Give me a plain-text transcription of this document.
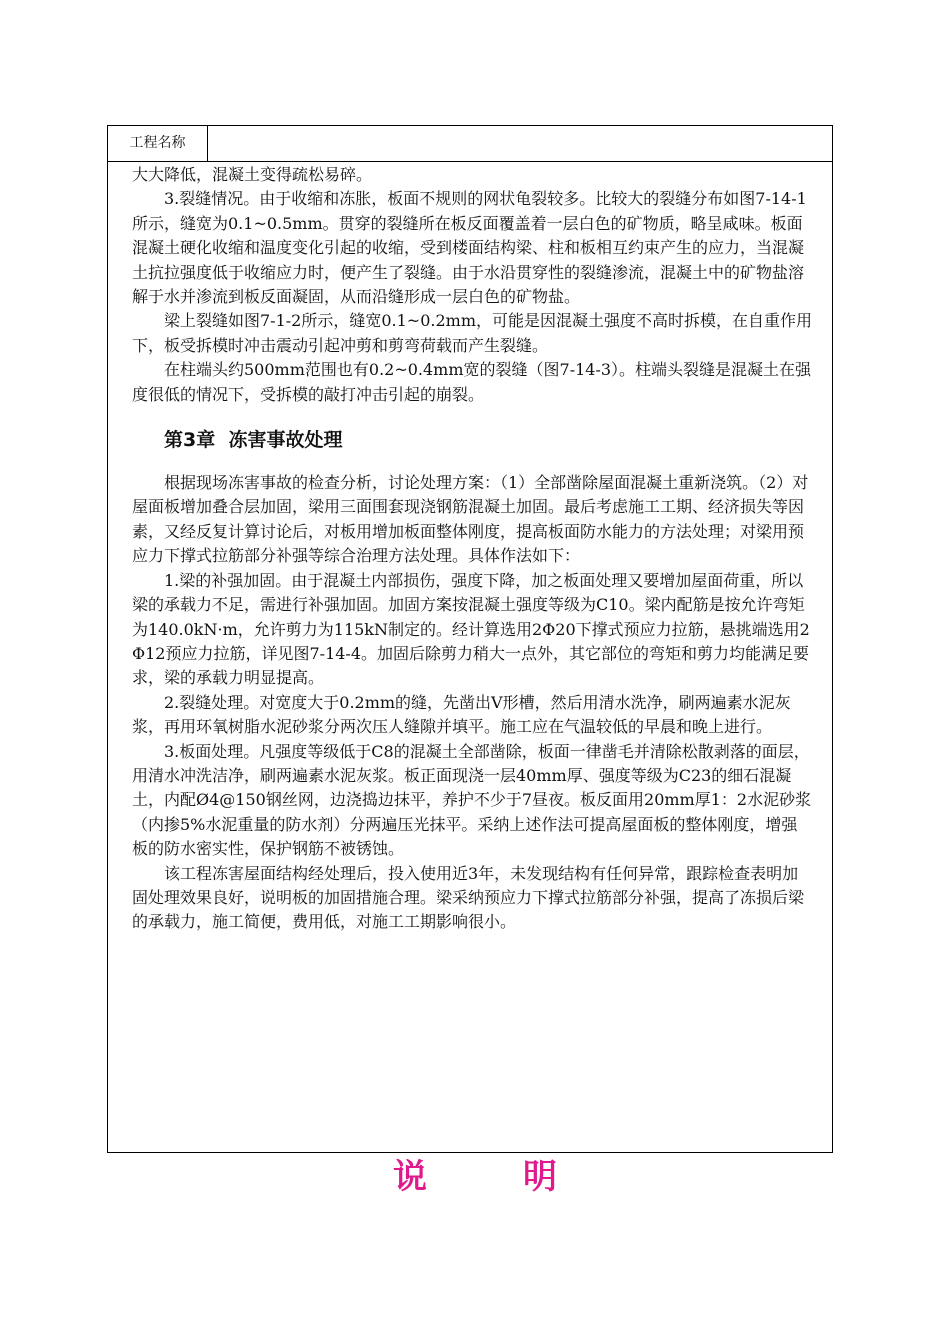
工程名称

大大降低，混凝土变得疏松易碎。

3.裂缝情况。由于收缩和冻胀，板面不规则的网状龟裂较多。比较大的裂缝分布如图7-14-1所示，缝宽为0.1~0.5mm。贯穿的裂缝所在板反面覆盖着一层白色的矿物质，略呈咸味。板面混凝土硬化收缩和温度变化引起的收缩，受到楼面结构梁、柱和板相互约束产生的应力，当混凝土抗拉强度低于收缩应力时，便产生了裂缝。由于水沿贯穿性的裂缝渗流，混凝土中的矿物盐溶解于水并渗流到板反面凝固，从而沿缝形成一层白色的矿物盐。

梁上裂缝如图7-1-2所示，缝宽0.1~0.2mm，可能是因混凝土强度不高时拆模，在自重作用下，板受拆模时冲击震动引起冲剪和剪弯荷载而产生裂缝。

在柱端头约500mm范围也有0.2~0.4mm宽的裂缝（图7-14-3）。柱端头裂缝是混凝土在强度很低的情况下，受拆模的敲打冲击引起的崩裂。

第3章  冻害事故处理

根据现场冻害事故的检查分析，讨论处理方案：（1）全部凿除屋面混凝土重新浇筑。（2）对屋面板增加叠合层加固，梁用三面围套现浇钢筋混凝土加固。最后考虑施工工期、经济损失等因素，又经反复计算讨论后，对板用增加板面整体刚度，提高板面防水能力的方法处理；对梁用预应力下撑式拉筋部分补强等综合治理方法处理。具体作法如下：

1.梁的补强加固。由于混凝土内部损伤，强度下降，加之板面处理又要增加屋面荷重，所以梁的承载力不足，需进行补强加固。加固方案按混凝土强度等级为C10。梁内配筋是按允许弯矩为140.0kN·m，允许剪力为115kN制定的。经计算选用2Φ20下撑式预应力拉筋，悬挑端选用2Φ12预应力拉筋，详见图7-14-4。加固后除剪力稍大一点外，其它部位的弯矩和剪力均能满足要求，梁的承载力明显提高。

2.裂缝处理。对宽度大于0.2mm的缝，先凿出V形槽，然后用清水洗净，刷两遍素水泥灰浆，再用环氧树脂水泥砂浆分两次压人缝隙并填平。施工应在气温较低的早晨和晚上进行。

3.板面处理。凡强度等级低于C8的混凝土全部凿除，板面一律凿毛并清除松散剥落的面层，用清水冲洗洁净，刷两遍素水泥灰浆。板正面现浇一层40mm厚、强度等级为C23的细石混凝土，内配Ø4@150钢丝网，边浇捣边抹平，养护不少于7昼夜。板反面用20mm厚1：2水泥砂浆（内掺5%水泥重量的防水剂）分两遍压光抹平。采纳上述作法可提高屋面板的整体刚度，增强板的防水密实性，保护钢筋不被锈蚀。

该工程冻害屋面结构经处理后，投入使用近3年，未发现结构有任何异常，跟踪检查表明加固处理效果良好，说明板的加固措施合理。梁采纳预应力下撑式拉筋部分补强，提高了冻损后梁的承载力，施工简便，费用低，对施工工期影响很小。

说明
